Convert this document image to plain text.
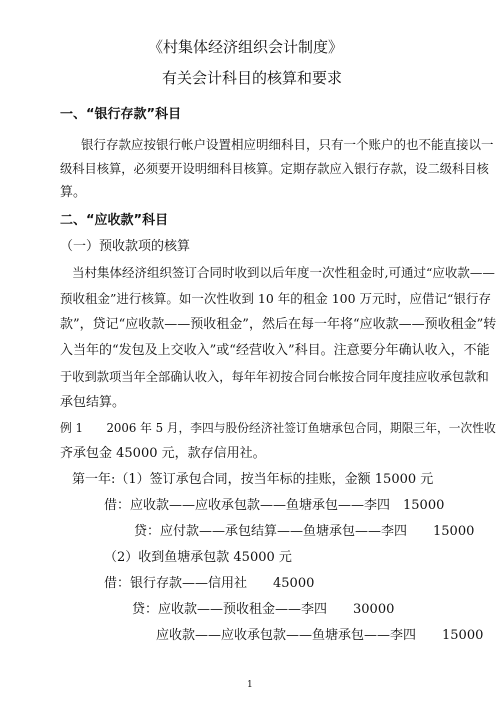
《村集体经济组织会计制度》
有关会计科目的核算和要求
一、“银行存款”科目
银行存款应按银行帐户设置相应明细科目，只有一个账户的也不能直接以一
级科目核算，必须要开设明细科目核算。定期存款应入银行存款，设二级科目核
算。
二、“应收款”科目
（一）预收款项的核算
当村集体经济组织签订合同时收到以后年度一次性租金时,可通过“应收款——
预收租金”进行核算。如一次性收到 10 年的租金 100 万元时，应借记“银行存
款”，贷记“应收款——预收租金”，然后在每一年将“应收款——预收租金”转
入当年的“发包及上交收入”或“经营收入”科目。注意要分年确认收入，不能
于收到款项当年全部确认收入，每年年初按合同台帐按合同年度挂应收承包款和
承包结算。
例 1　　2006 年 5 月，李四与股份经济社签订鱼塘承包合同，期限三年，一次性收
齐承包金 45000 元，款存信用社。
第一年:（1）签订承包合同，按当年标的挂账，金额 15000 元
借：应收款——应收承包款——鱼塘承包——李四　15000
贷：应付款——承包结算——鱼塘承包——李四　　15000
（2）收到鱼塘承包款 45000 元
借：银行存款——信用社　　45000
贷：应收款——预收租金——李四　　30000
应收款——应收承包款——鱼塘承包——李四　　15000
1
